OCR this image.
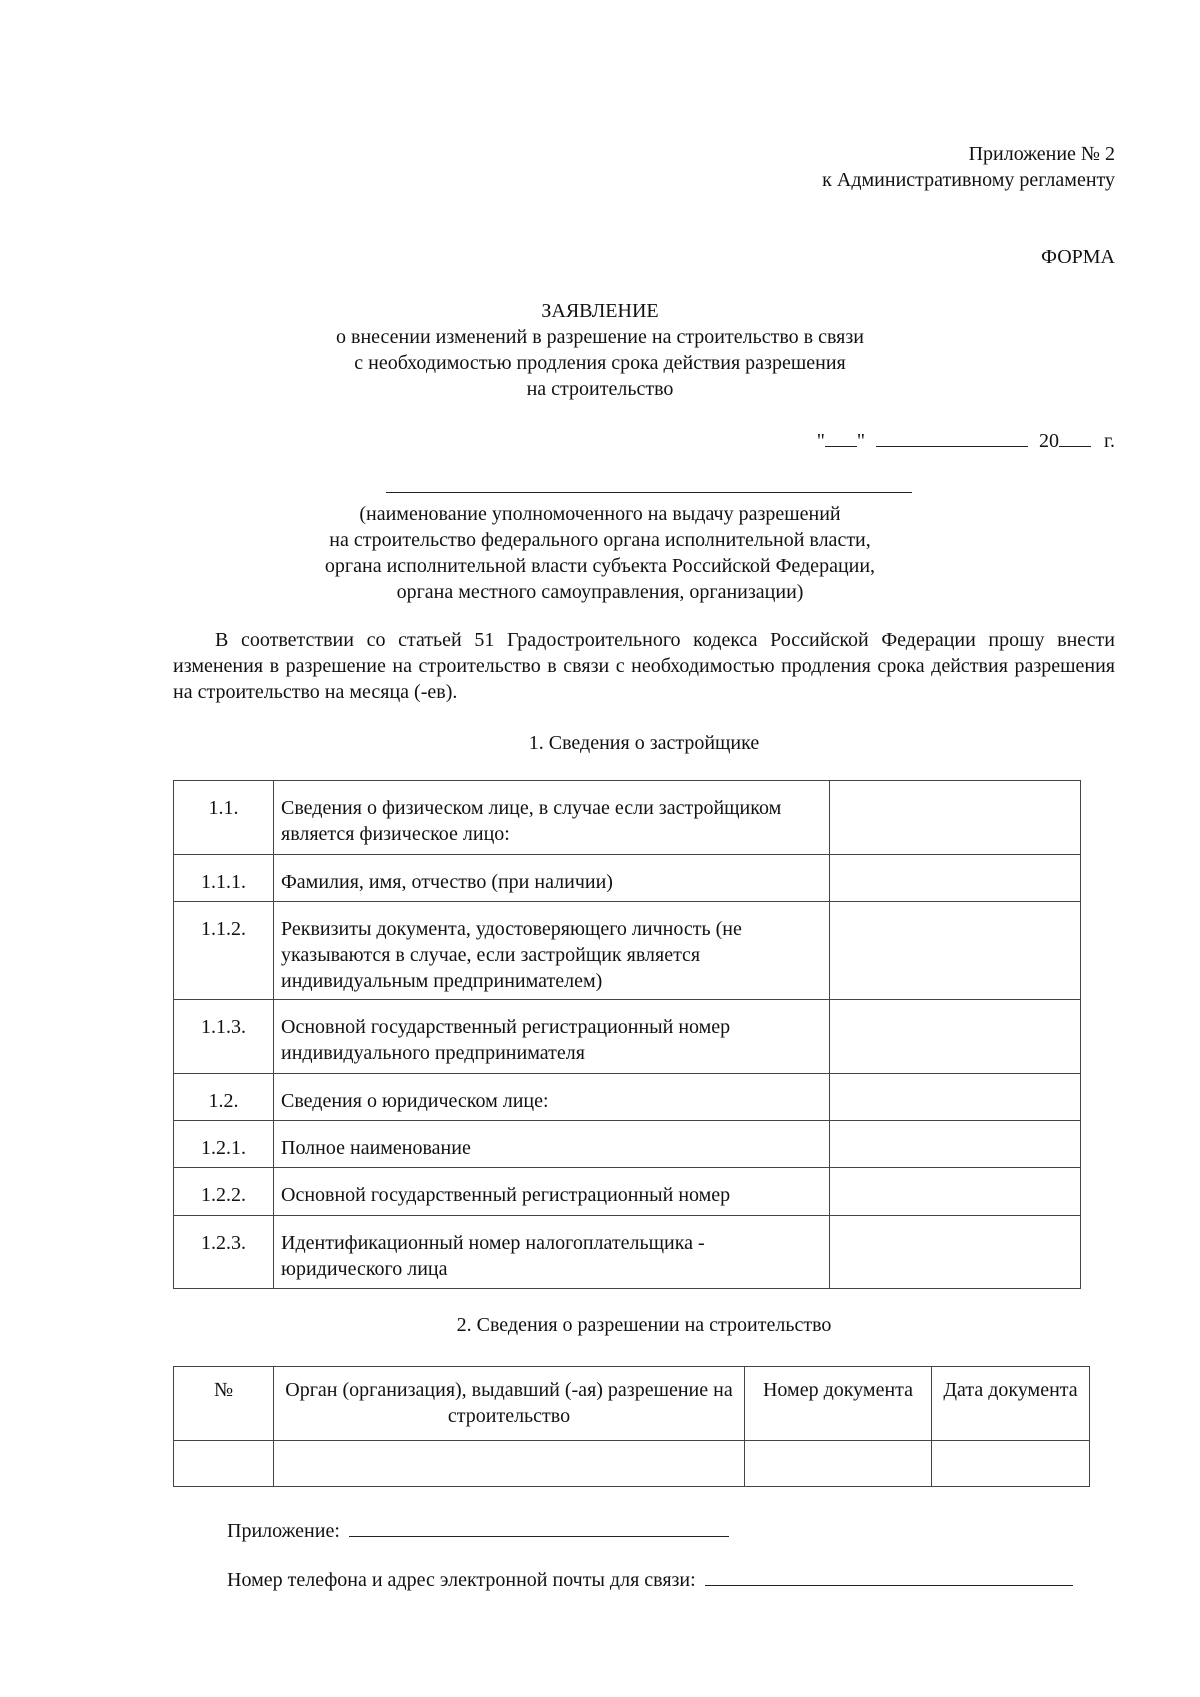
Приложение № 2
к Административному регламенту
ФОРМА
ЗАЯВЛЕНИЕ
о внесении изменений в разрешение на строительство в связи
с необходимостью продления срока действия разрешения
на строительство
" "	20 г.
(наименование уполномоченного на выдачу разрешений
на строительство федерального органа исполнительной власти,
органа исполнительной власти субъекта Российской Федерации,
органа местного самоуправления, организации)
В соответствии со статьей 51 Градостроительного кодекса Российской Федерации прошу внести изменения в разрешение на строительство в связи с необходимостью продления срока действия разрешения на строительство на месяца (-ев).
1. Сведения о застройщике
1.1.	Сведения о физическом лице, в случае если застройщиком является физическое лицо:	
1.1.1.	Фамилия, имя, отчество (при наличии)	
1.1.2.	Реквизиты документа, удостоверяющего личность (не указываются в случае, если застройщик является индивидуальным предпринимателем)	
1.1.3.	Основной государственный регистрационный номер индивидуального предпринимателя	
1.2.	Сведения о юридическом лице:	
1.2.1.	Полное наименование	
1.2.2.	Основной государственный регистрационный номер	
1.2.3.	Идентификационный номер налогоплательщика - юридического лица	
2. Сведения о разрешении на строительство
№	Орган (организация), выдавший (-ая) разрешение на строительство	Номер документа	Дата документа

Приложение:
Номер телефона и адрес электронной почты для связи:
